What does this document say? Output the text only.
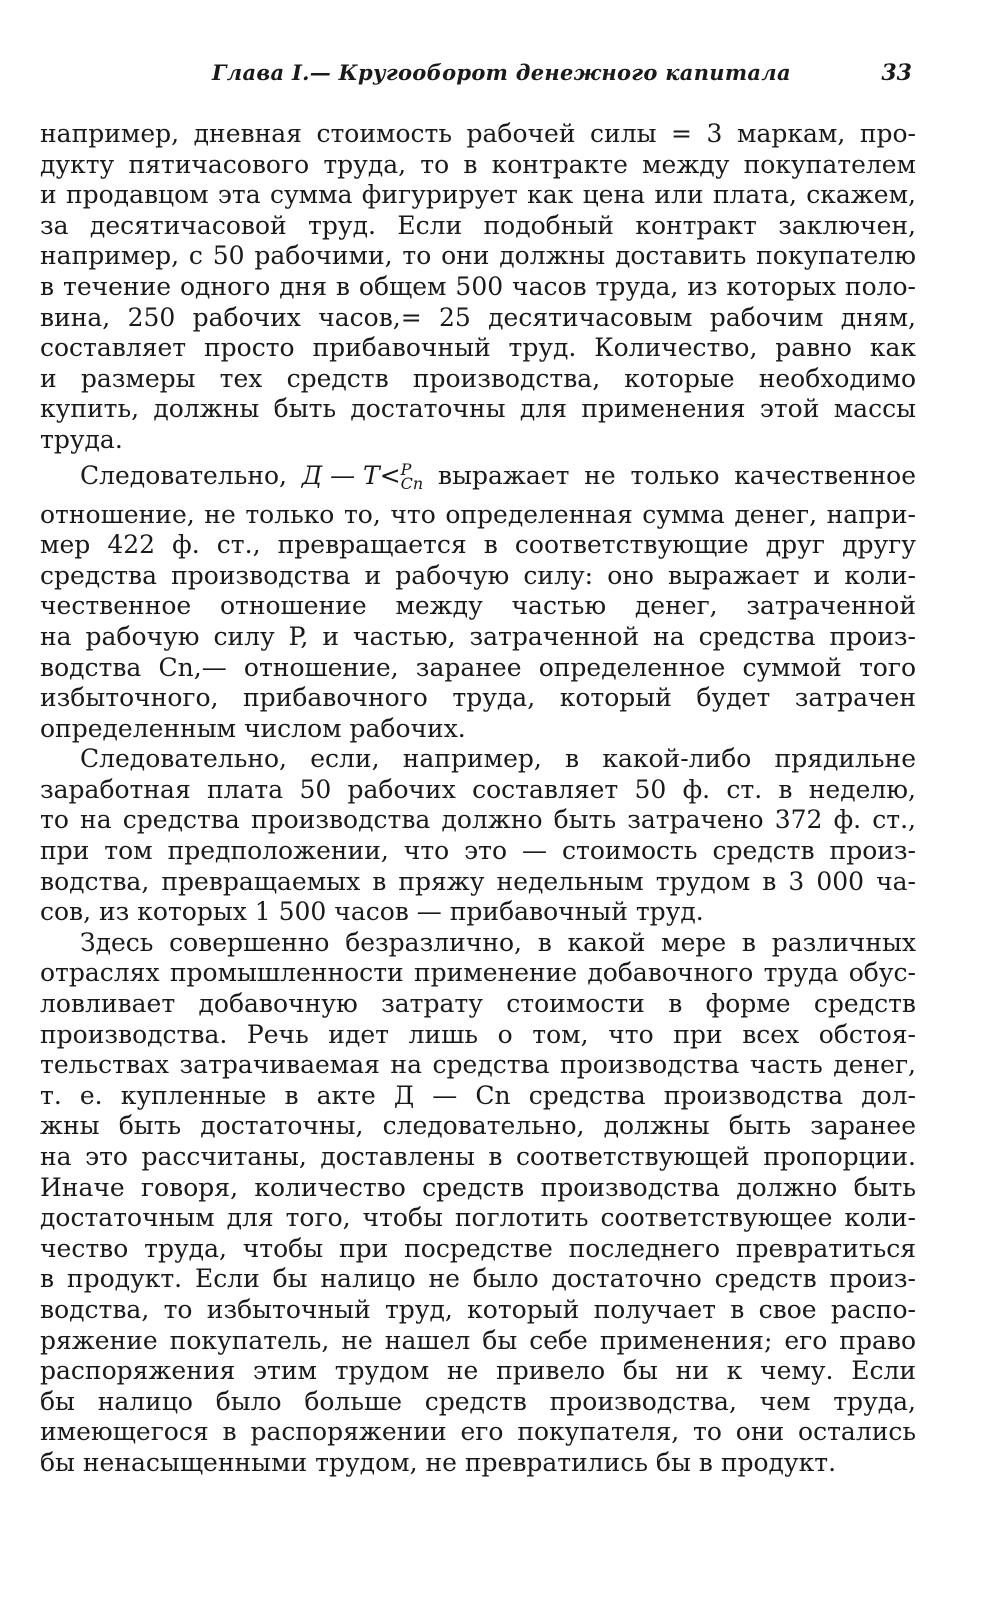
Глава I.— Кругооборот денежного капитала	33
например, дневная стоимость рабочей силы = 3 маркам, про-
дукту пятичасового труда, то в контракте между покупателем
и продавцом эта сумма фигурирует как цена или плата, скажем,
за десятичасовой труд. Если подобный контракт заключен,
например, с 50 рабочими, то они должны доставить покупателю
в течение одного дня в общем 500 часов труда, из которых поло-
вина, 250 рабочих часов,= 25 десятичасовым рабочим дням,
составляет просто прибавочный труд. Количество, равно как
и размеры тех средств производства, которые необходимо
купить, должны быть достаточны для применения этой массы
труда.
Следовательно, Д — Т< P
Cn выражает не только качественное
отношение, не только то, что определенная сумма денег, напри-
мер 422 ф. ст., превращается в соответствующие друг другу
средства производства и рабочую силу: оно выражает и коли-
чественное отношение между частью денег, затраченной
на рабочую силу P, и частью, затраченной на средства произ-
водства Cn,— отношение, заранее определенное суммой того
избыточного, прибавочного труда, который будет затрачен
определенным числом рабочих.
Следовательно, если, например, в какой-либо прядильне
заработная плата 50 рабочих составляет 50 ф. ст. в неделю,
то на средства производства должно быть затрачено 372 ф. ст.,
при том предположении, что это — стоимость средств произ-
водства, превращаемых в пряжу недельным трудом в 3 000 ча-
сов, из которых 1 500 часов — прибавочный труд.
Здесь совершенно безразлично, в какой мере в различных
отраслях промышленности применение добавочного труда обус-
ловливает добавочную затрату стоимости в форме средств
производства. Речь идет лишь о том, что при всех обстоя-
тельствах затрачиваемая на средства производства часть денег,
т. е. купленные в акте Д — Cn средства производства дол-
жны быть достаточны, следовательно, должны быть заранее
на это рассчитаны, доставлены в соответствующей пропорции.
Иначе говоря, количество средств производства должно быть
достаточным для того, чтобы поглотить соответствующее коли-
чество труда, чтобы при посредстве последнего превратиться
в продукт. Если бы налицо не было достаточно средств произ-
водства, то избыточный труд, который получает в свое распо-
ряжение покупатель, не нашел бы себе применения; его право
распоряжения этим трудом не привело бы ни к чему. Если
бы налицо было больше средств производства, чем труда,
имеющегося в распоряжении его покупателя, то они остались
бы ненасыщенными трудом, не превратились бы в продукт.
